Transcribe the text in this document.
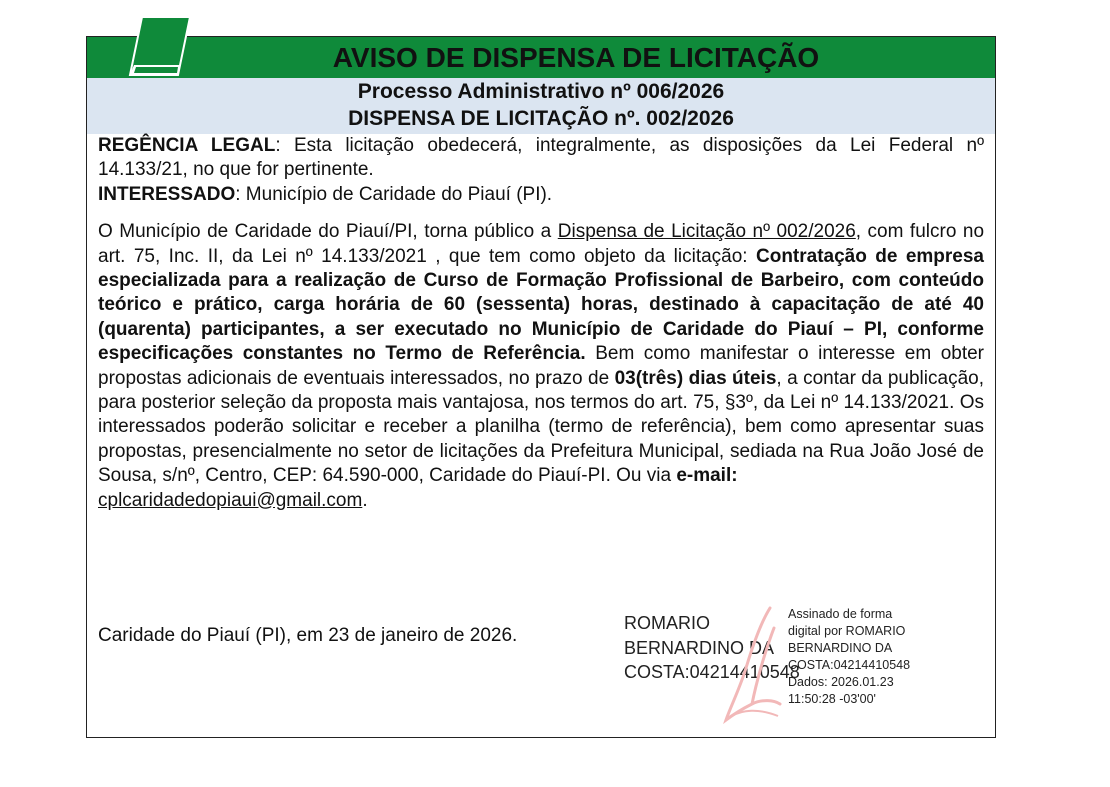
AVISO DE DISPENSA DE LICITAÇÃO
Processo Administrativo nº 006/2026
DISPENSA DE LICITAÇÃO nº. 002/2026

REGÊNCIA LEGAL: Esta licitação obedecerá, integralmente, as disposições da Lei Federal nº 14.133/21, no que for pertinente.

INTERESSADO: Município de Caridade do Piauí (PI).

O Município de Caridade do Piauí/PI, torna público a Dispensa de Licitação nº 002/2026, com fulcro no art. 75, Inc. II, da Lei nº 14.133/2021 , que tem como objeto da licitação: Contratação de empresa especializada para a realização de Curso de Formação Profissional de Barbeiro, com conteúdo teórico e prático, carga horária de 60 (sessenta) horas, destinado à capacitação de até 40 (quarenta) participantes, a ser executado no Município de Caridade do Piauí – PI, conforme especificações constantes no Termo de Referência. Bem como manifestar o interesse em obter propostas adicionais de eventuais interessados, no prazo de 03(três) dias úteis, a contar da publicação, para posterior seleção da proposta mais vantajosa, nos termos do art. 75, §3º, da Lei nº 14.133/2021. Os interessados poderão solicitar e receber a planilha (termo de referência), bem como apresentar suas propostas, presencialmente no setor de licitações da Prefeitura Municipal, sediada na Rua João José de Sousa, s/nº, Centro, CEP: 64.590-000, Caridade do Piauí-PI. Ou via e-mail:
cplcaridadedopiaui@gmail.com.

Caridade do Piauí (PI), em 23 de janeiro de 2026.
ROMARIO BERNARDINO DA COSTA:04214410548
Assinado de forma
digital por ROMARIO
BERNARDINO DA
COSTA:04214410548
Dados: 2026.01.23
11:50:28 -03'00'
